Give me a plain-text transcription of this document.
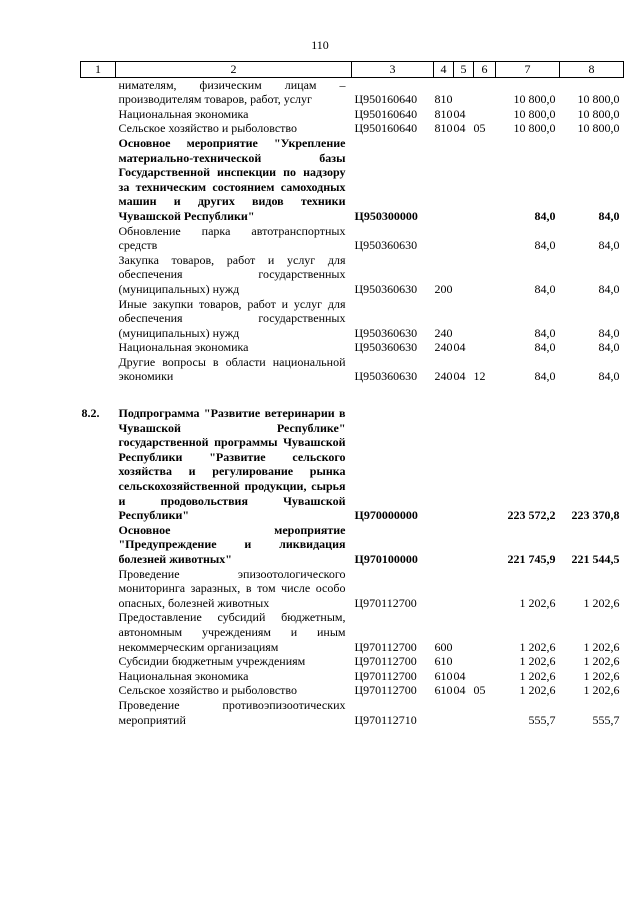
110
1	2	3	4	5	6	7	8
	нимателям, физическим лицам – производителям товаров, работ, услуг	Ц950160640	810			10 800,0	10 800,0
	Национальная экономика	Ц950160640	810	04		10 800,0	10 800,0
	Сельское хозяйство и рыболовство	Ц950160640	810	04	05	10 800,0	10 800,0
	Основное мероприятие "Укрепление материально-технической базы Государственной инспекции по надзору за техническим состоянием самоходных машин и других видов техники Чувашской Республики"	Ц950300000				84,0	84,0
	Обновление парка автотранспортных средств	Ц950360630				84,0	84,0
	Закупка товаров, работ и услуг для обеспечения государственных (муниципальных) нужд	Ц950360630	200			84,0	84,0
	Иные закупки товаров, работ и услуг для обеспечения государственных (муниципальных) нужд	Ц950360630	240			84,0	84,0
	Национальная экономика	Ц950360630	240	04		84,0	84,0
	Другие вопросы в области национальной экономики	Ц950360630	240	04	12	84,0	84,0
8.2.	Подпрограмма "Развитие ветеринарии в Чувашской Республике" государственной программы Чувашской Республики "Развитие сельского хозяйства и регулирование рынка сельскохозяйственной продукции, сырья и продовольствия Чувашской Республики"	Ц970000000				223 572,2	223 370,8
	Основное мероприятие "Предупреждение и ликвидация болезней животных"	Ц970100000				221 745,9	221 544,5
	Проведение эпизоотологического мониторинга заразных, в том числе особо опасных, болезней животных	Ц970112700				1 202,6	1 202,6
	Предоставление субсидий бюджетным, автономным учреждениям и иным некоммерческим организациям	Ц970112700	600			1 202,6	1 202,6
	Субсидии бюджетным учреждениям	Ц970112700	610			1 202,6	1 202,6
	Национальная экономика	Ц970112700	610	04		1 202,6	1 202,6
	Сельское хозяйство и рыболовство	Ц970112700	610	04	05	1 202,6	1 202,6
	Проведение противоэпизоотических мероприятий	Ц970112710				555,7	555,7
